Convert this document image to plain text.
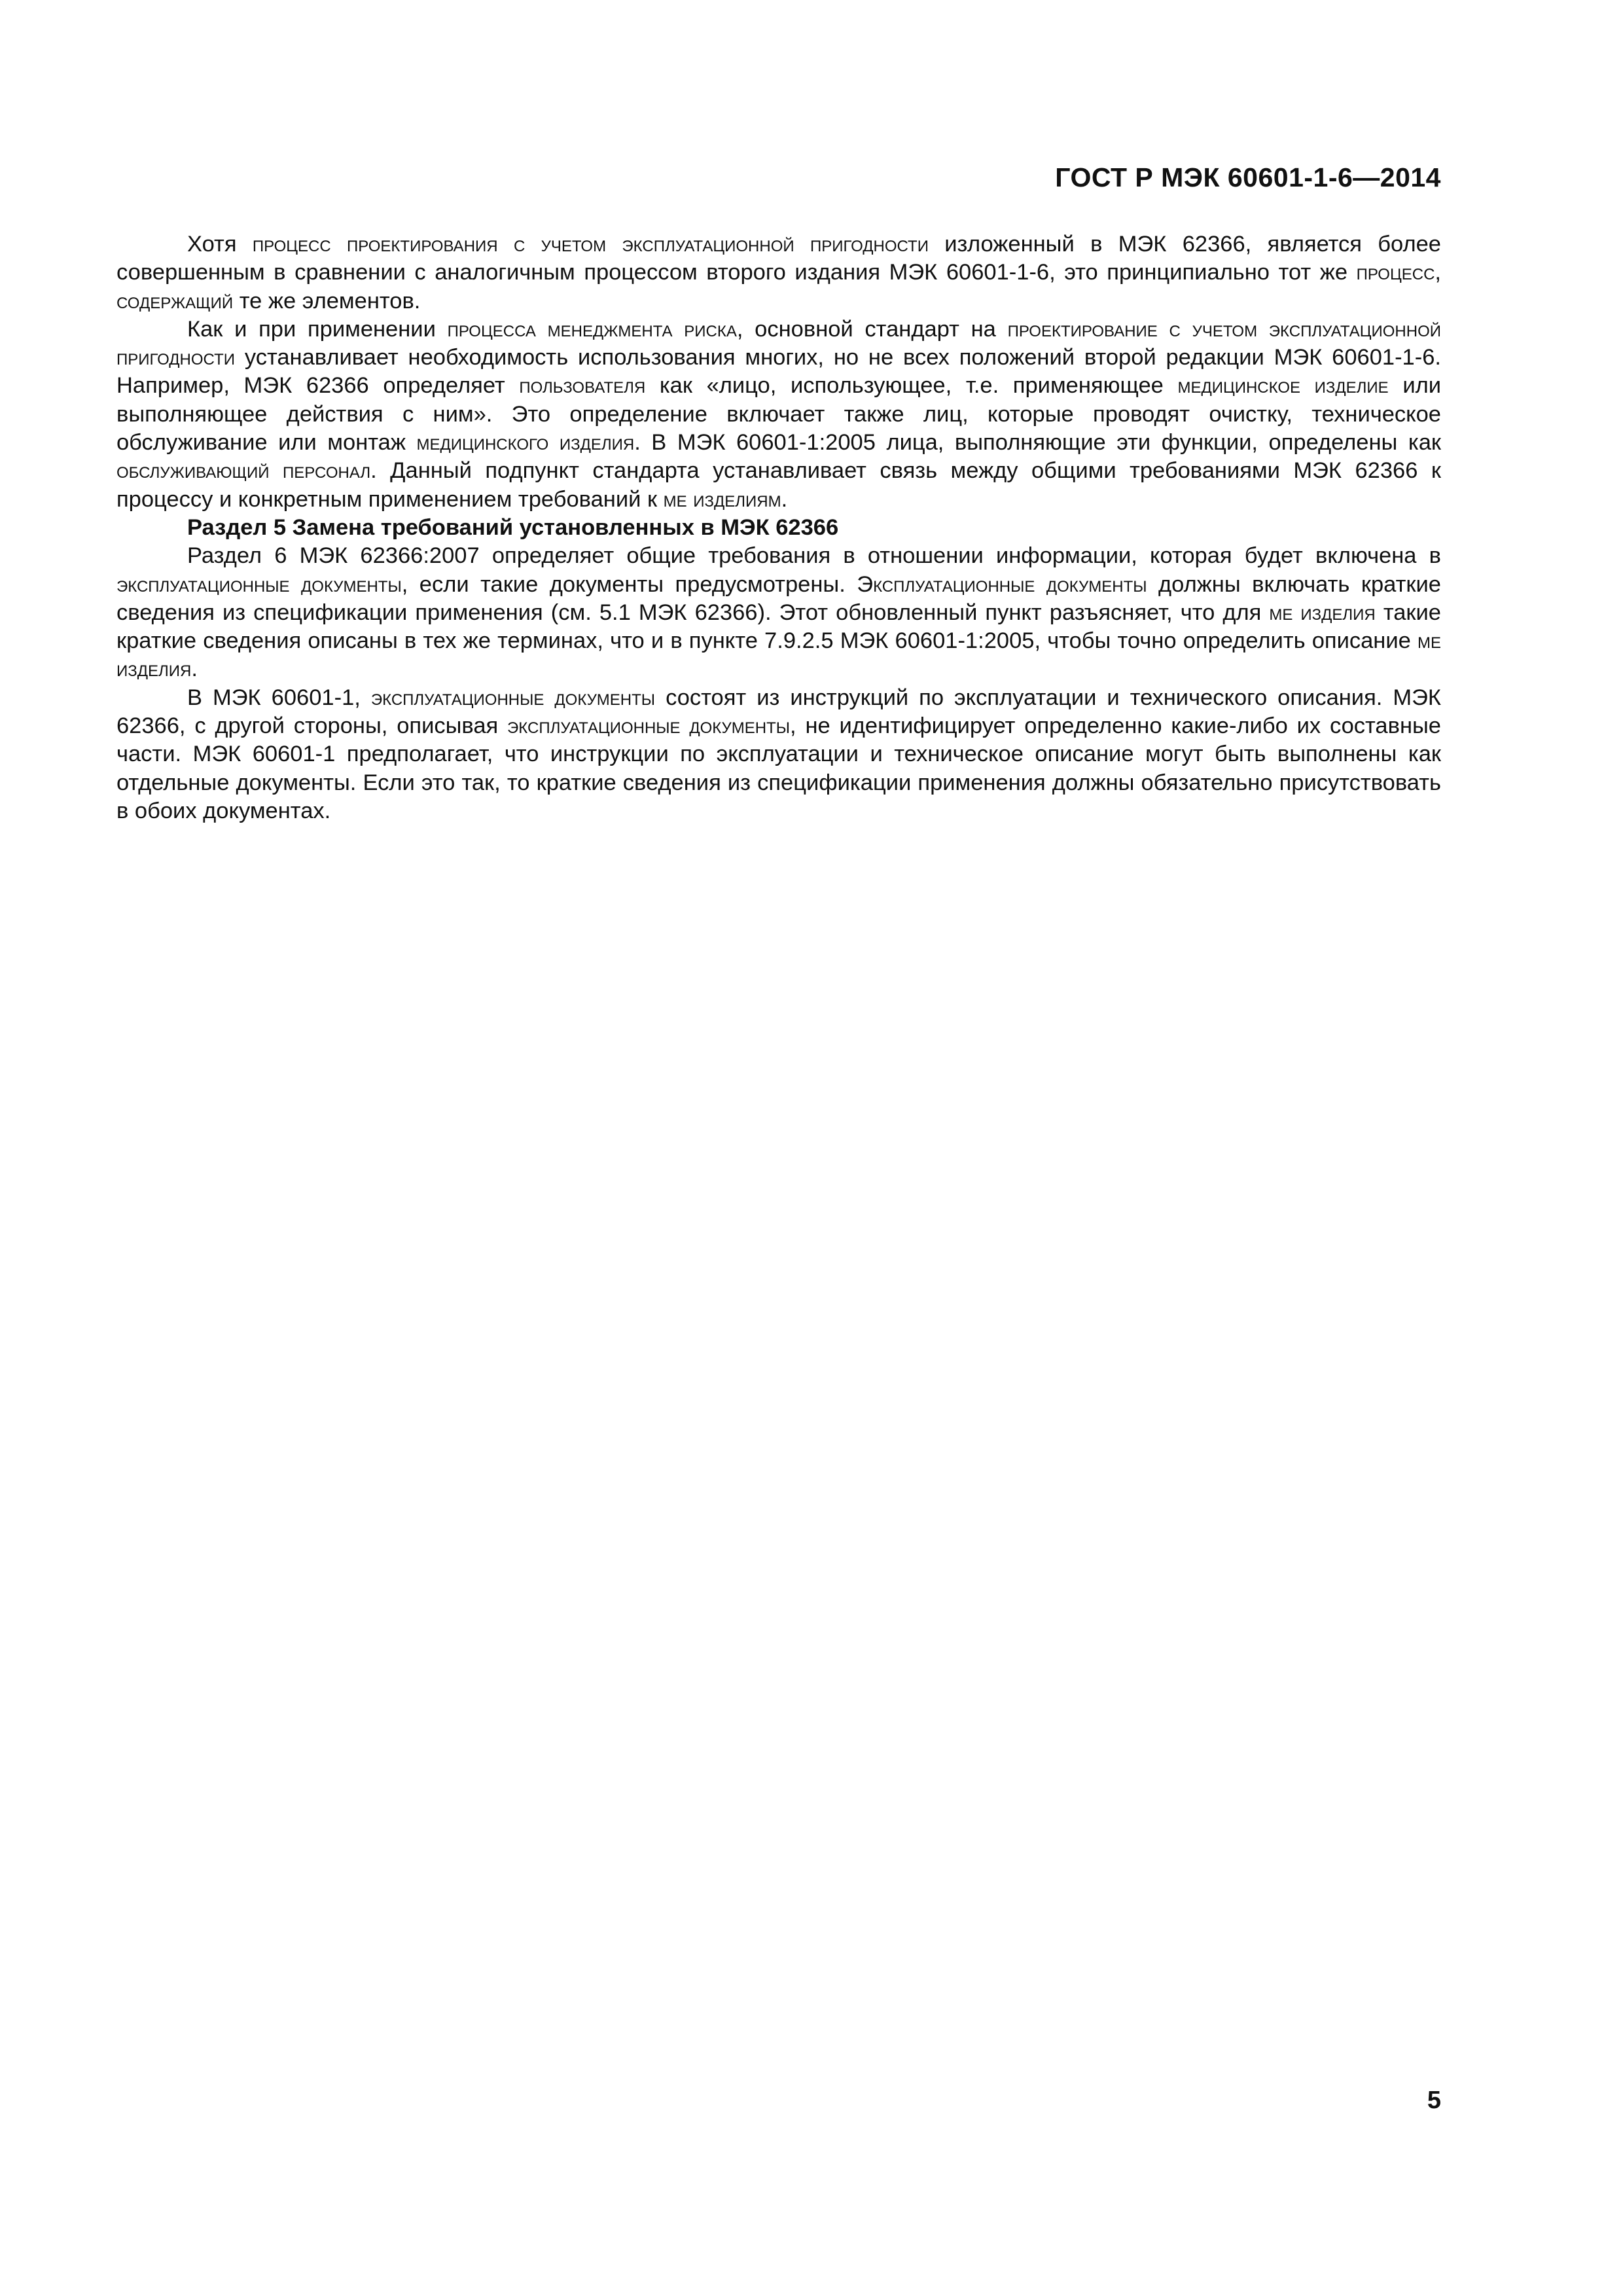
ГОСТ Р МЭК 60601-1-6—2014

Хотя процесс проектирования с учетом эксплуатационной пригодности изложенный в МЭК 62366, является более совершенным в сравнении с аналогичным процессом второго издания МЭК 60601-1-6, это принципиально тот же процесс, содержащий те же элементов.

Как и при применении процесса менеджмента риска, основной стандарт на проектирование с учетом эксплуатационной пригодности устанавливает необходимость использования многих, но не всех положений второй редакции МЭК 60601-1-6. Например, МЭК 62366 определяет пользователя как «лицо, использующее, т.е. применяющее медицинское изделие или выполняющее действия с ним». Это определение включает также лиц, которые проводят очистку, техническое обслуживание или монтаж медицинского изделия. В МЭК 60601-1:2005 лица, выполняющие эти функции, определены как обслуживающий персонал. Данный подпункт стандарта устанавливает связь между общими требованиями МЭК 62366 к процессу и конкретным применением требований к ме изделиям.

Раздел 5 Замена требований установленных в МЭК 62366

Раздел 6 МЭК 62366:2007 определяет общие требования в отношении информации, которая будет включена в эксплуатационные документы, если такие документы предусмотрены. Эксплуатационные документы должны включать краткие сведения из спецификации применения (см. 5.1 МЭК 62366). Этот обновленный пункт разъясняет, что для ме изделия такие краткие сведения описаны в тех же терминах, что и в пункте 7.9.2.5 МЭК 60601-1:2005, чтобы точно определить описание ме изделия.

В МЭК 60601-1, эксплуатационные документы состоят из инструкций по эксплуатации и технического описания. МЭК 62366, с другой стороны, описывая эксплуатационные документы, не идентифицирует определенно какие-либо их составные части. МЭК 60601-1 предполагает, что инструкции по эксплуатации и техническое описание могут быть выполнены как отдельные документы. Если это так, то краткие сведения из спецификации применения должны обязательно присутствовать в обоих документах.

5
